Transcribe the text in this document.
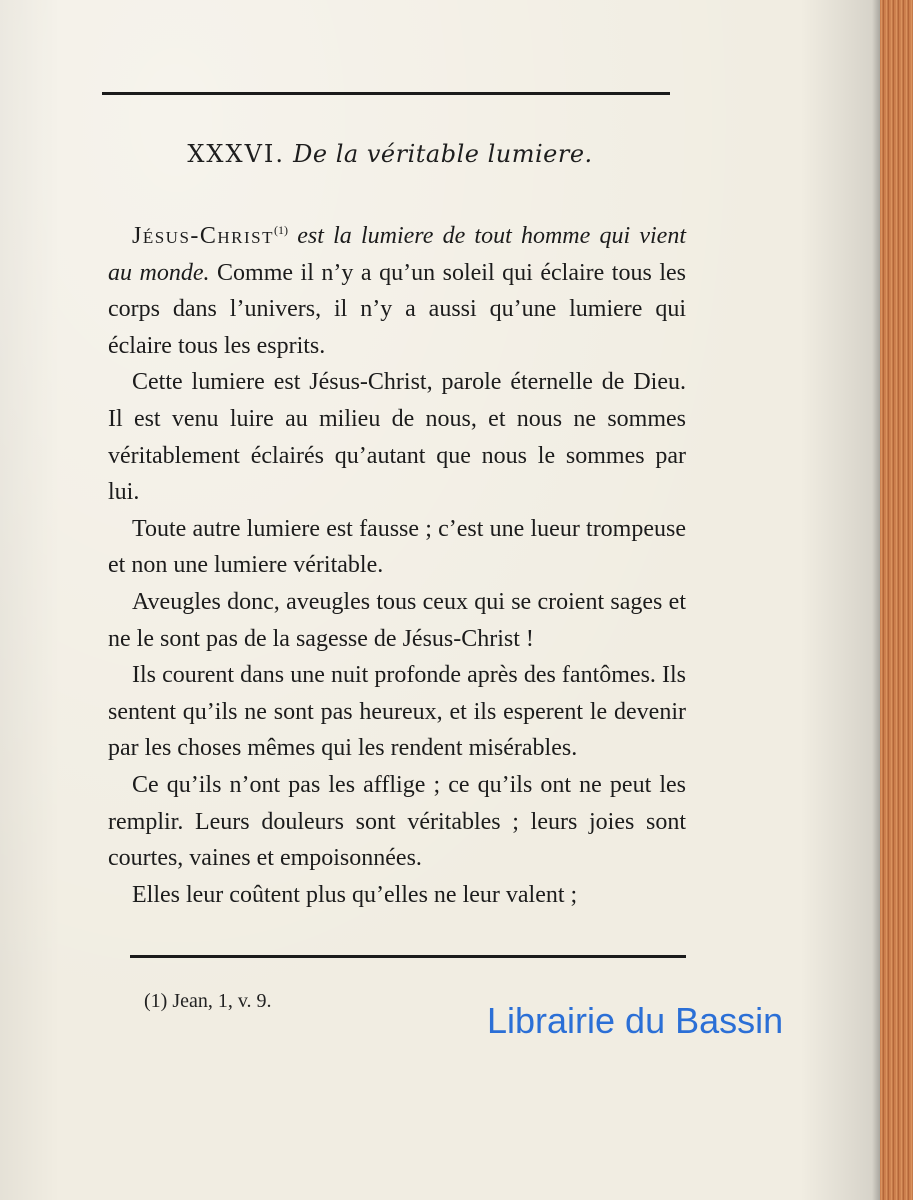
XXXVI. De la véritable lumiere.

Jésus-Christ$^{(1)}$ est la lumiere de tout homme qui vient au monde. Comme il n’y a qu’un soleil qui éclaire tous les corps dans l’univers, il n’y a aussi qu’une lumiere qui éclaire tous les esprits.

Cette lumiere est Jésus-Christ, parole éternelle de Dieu. Il est venu luire au milieu de nous, et nous ne sommes véritablement éclairés qu’autant que nous le sommes par lui.

Toute autre lumiere est fausse ; c’est une lueur trompeuse et non une lumiere véritable.

Aveugles donc, aveugles tous ceux qui se croient sages et ne le sont pas de la sagesse de Jésus-Christ !

Ils courent dans une nuit profonde après des fantômes. Ils sentent qu’ils ne sont pas heureux, et ils esperent le devenir par les choses mêmes qui les rendent misérables.

Ce qu’ils n’ont pas les afflige ; ce qu’ils ont ne peut les remplir. Leurs douleurs sont véritables ; leurs joies sont courtes, vaines et empoisonnées.

Elles leur coûtent plus qu’elles ne leur valent ;

(1) Jean, 1, v. 9.	Librairie du Bassin
